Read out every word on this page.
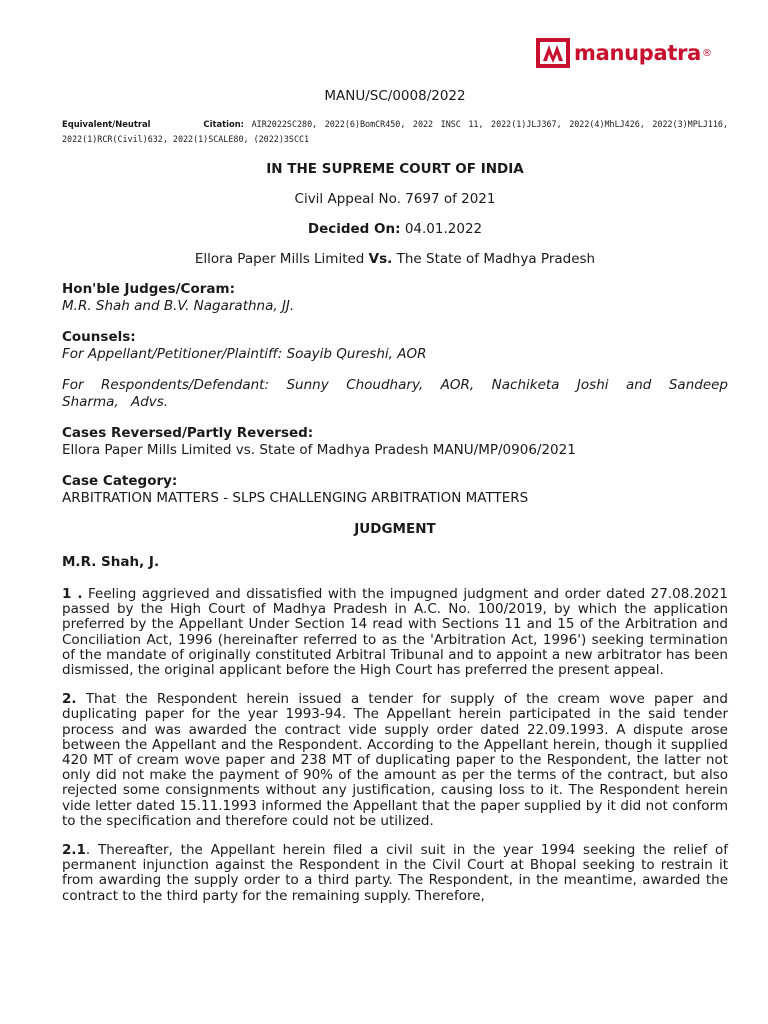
manupatra ®
MANU/SC/0008/2022
Equivalent/Neutral	Citation: AIR2022SC280, 2022(6)BomCR450, 2022 INSC 11, 2022(1)JLJ367, 2022(4)MhLJ426, 2022(3)MPLJ116, 2022(1)RCR(Civil)632, 2022(1)SCALE80, (2022)3SCC1
IN THE SUPREME COURT OF INDIA
Civil Appeal No. 7697 of 2021
Decided On: 04.01.2022
Ellora Paper Mills Limited Vs. The State of Madhya Pradesh
Hon'ble Judges/Coram:
M.R. Shah and B.V. Nagarathna, JJ.
Counsels:
For Appellant/Petitioner/Plaintiff: Soayib Qureshi, AOR
For Respondents/Defendant: Sunny Choudhary, AOR, Nachiketa Joshi and Sandeep Sharma, Advs.
Cases Reversed/Partly Reversed:
Ellora Paper Mills Limited vs. State of Madhya Pradesh MANU/MP/0906/2021
Case Category:
ARBITRATION MATTERS - SLPS CHALLENGING ARBITRATION MATTERS
JUDGMENT
M.R. Shah, J.
1 . Feeling aggrieved and dissatisfied with the impugned judgment and order dated 27.08.2021 passed by the High Court of Madhya Pradesh in A.C. No. 100/2019, by which the application preferred by the Appellant Under Section 14 read with Sections 11 and 15 of the Arbitration and Conciliation Act, 1996 (hereinafter referred to as the 'Arbitration Act, 1996') seeking termination of the mandate of originally constituted Arbitral Tribunal and to appoint a new arbitrator has been dismissed, the original applicant before the High Court has preferred the present appeal.
2. That the Respondent herein issued a tender for supply of the cream wove paper and duplicating paper for the year 1993-94. The Appellant herein participated in the said tender process and was awarded the contract vide supply order dated 22.09.1993. A dispute arose between the Appellant and the Respondent. According to the Appellant herein, though it supplied 420 MT of cream wove paper and 238 MT of duplicating paper to the Respondent, the latter not only did not make the payment of 90% of the amount as per the terms of the contract, but also rejected some consignments without any justification, causing loss to it. The Respondent herein vide letter dated 15.11.1993 informed the Appellant that the paper supplied by it did not conform to the specification and therefore could not be utilized.
2.1. Thereafter, the Appellant herein filed a civil suit in the year 1994 seeking the relief of permanent injunction against the Respondent in the Civil Court at Bhopal seeking to restrain it from awarding the supply order to a third party. The Respondent, in the meantime, awarded the contract to the third party for the remaining supply. Therefore,
